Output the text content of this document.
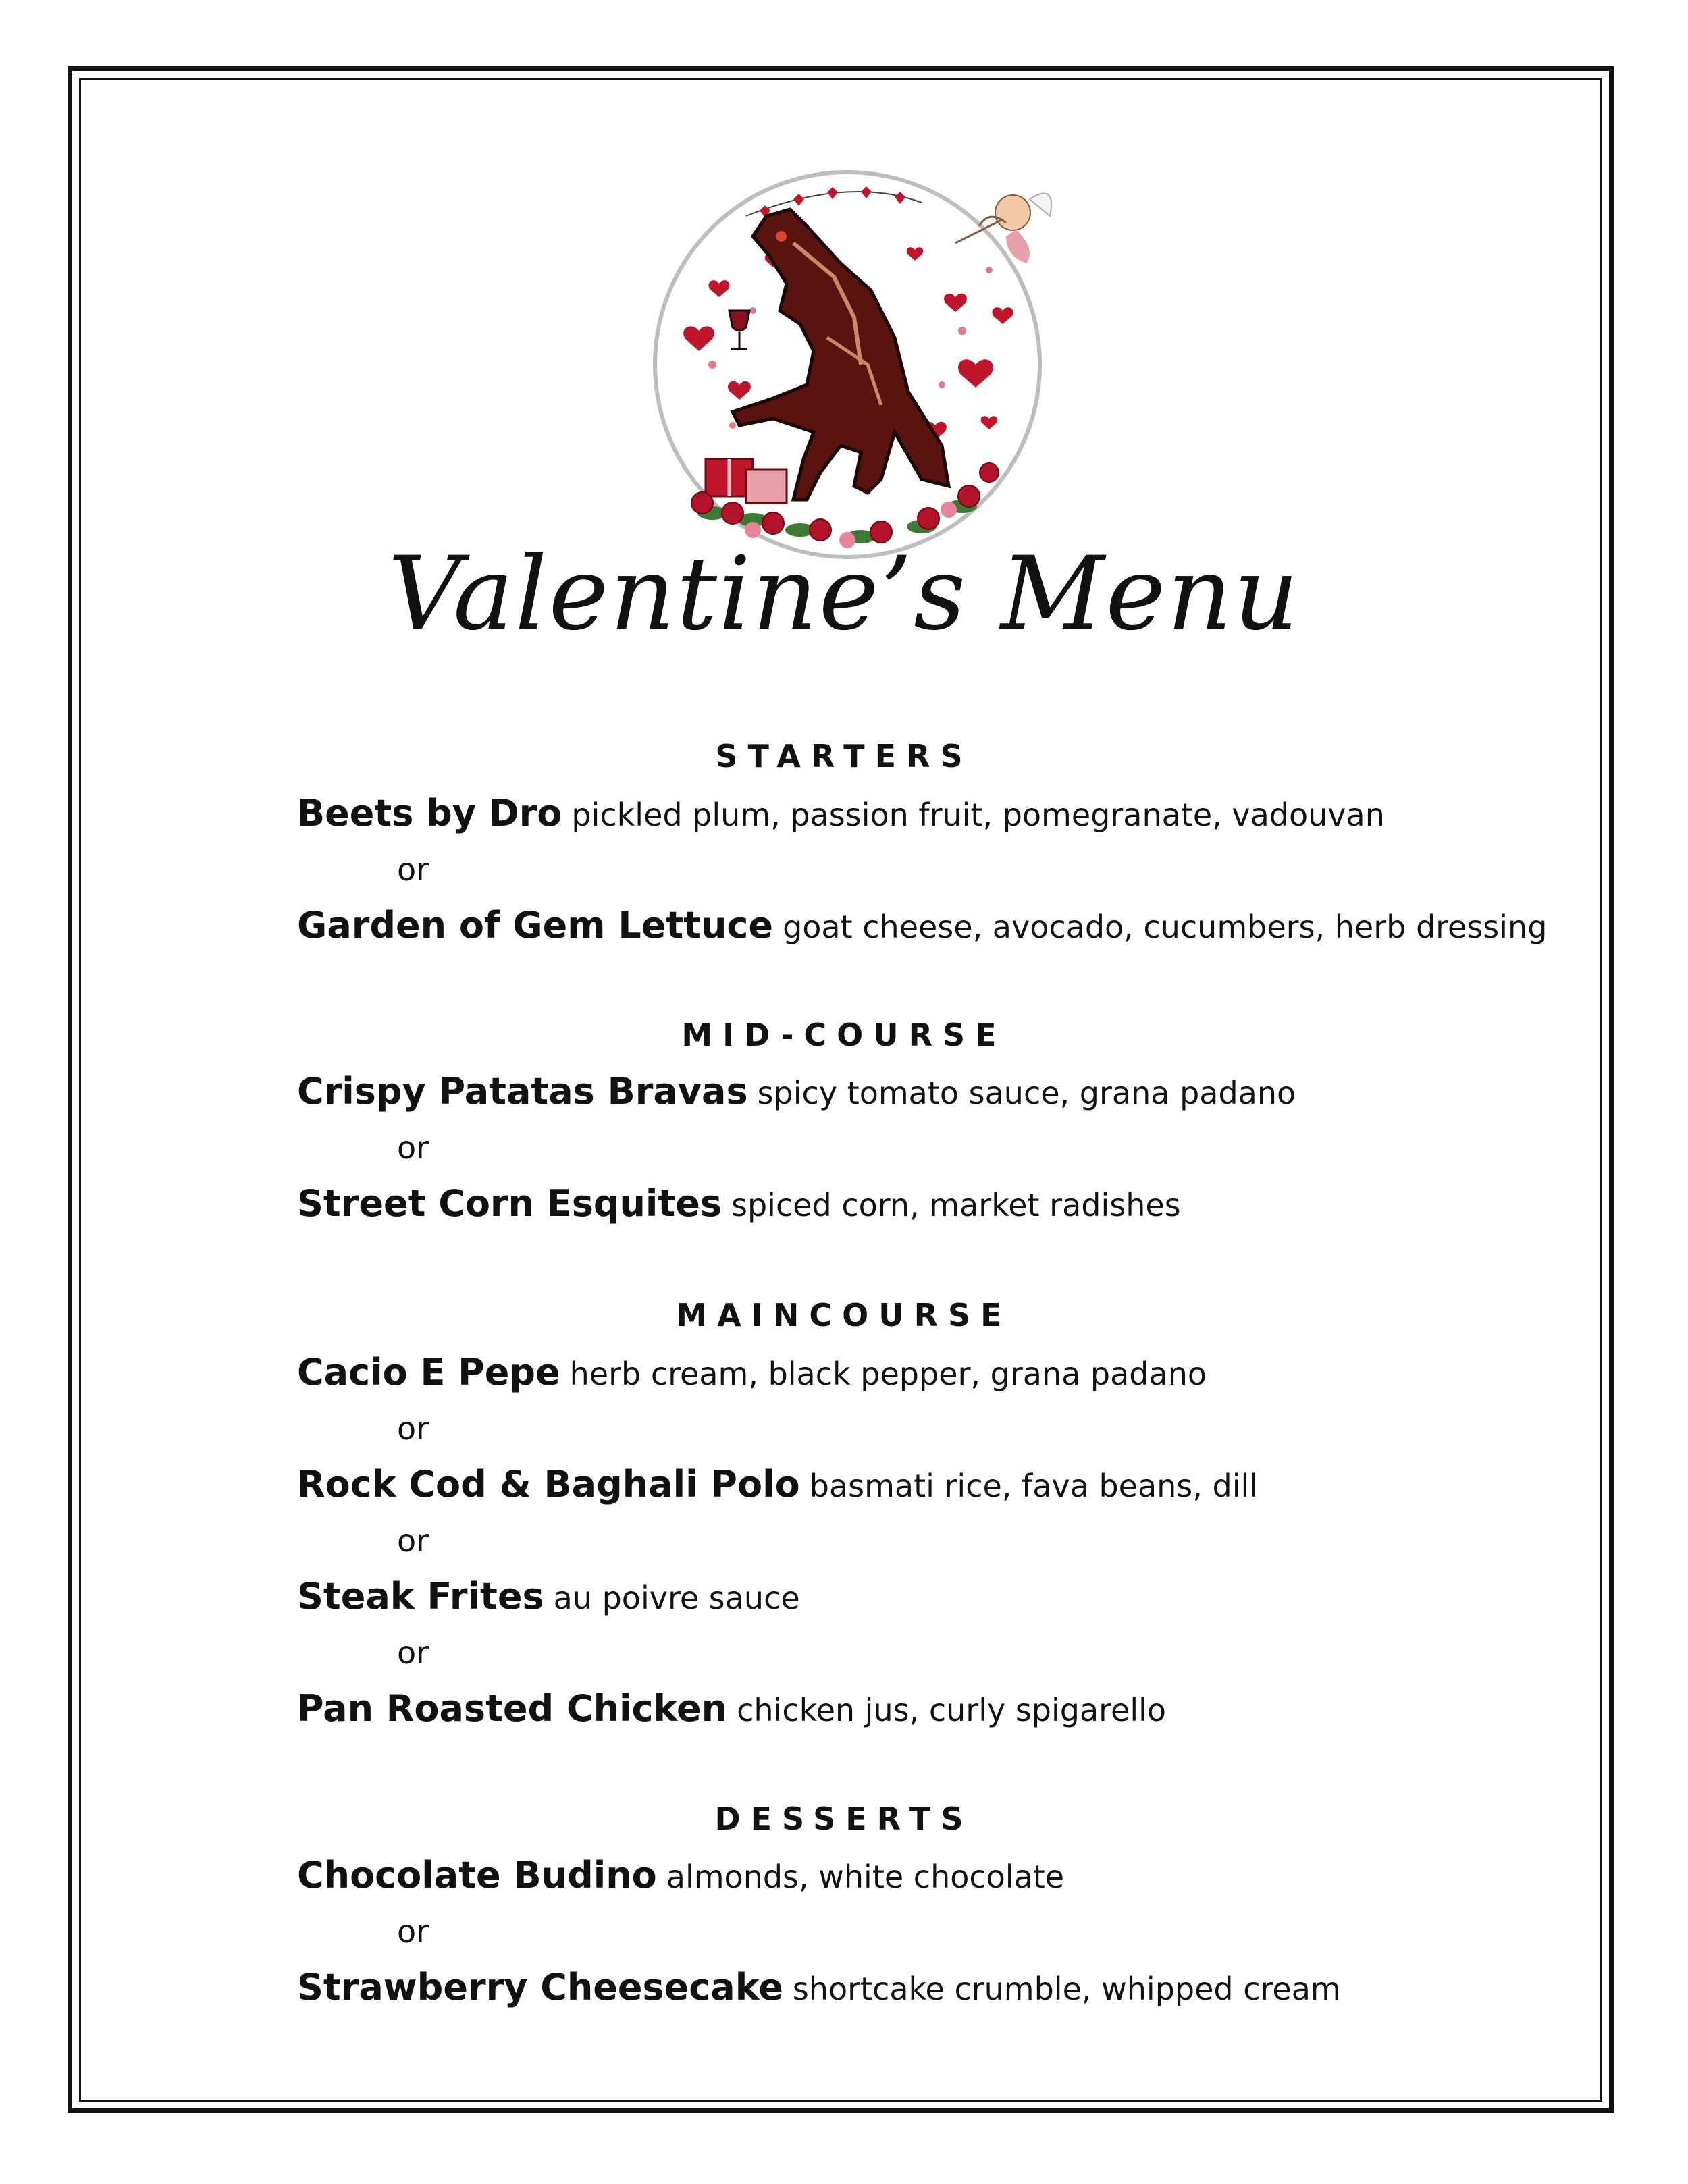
Valentine’s Menu
STARTERS
Beets by Dro pickled plum, passion fruit, pomegranate, vadouvan
or
Garden of Gem Lettuce goat cheese, avocado, cucumbers, herb dressing
MID-COURSE
Crispy Patatas Bravas spicy tomato sauce, grana padano
or
Street Corn Esquites spiced corn, market radishes
MAINCOURSE
Cacio E Pepe herb cream, black pepper, grana padano
or
Rock Cod & Baghali Polo basmati rice, fava beans, dill
or
Steak Frites au poivre sauce
or
Pan Roasted Chicken chicken jus, curly spigarello
DESSERTS
Chocolate Budino almonds, white chocolate
or
Strawberry Cheesecake shortcake crumble, whipped cream
